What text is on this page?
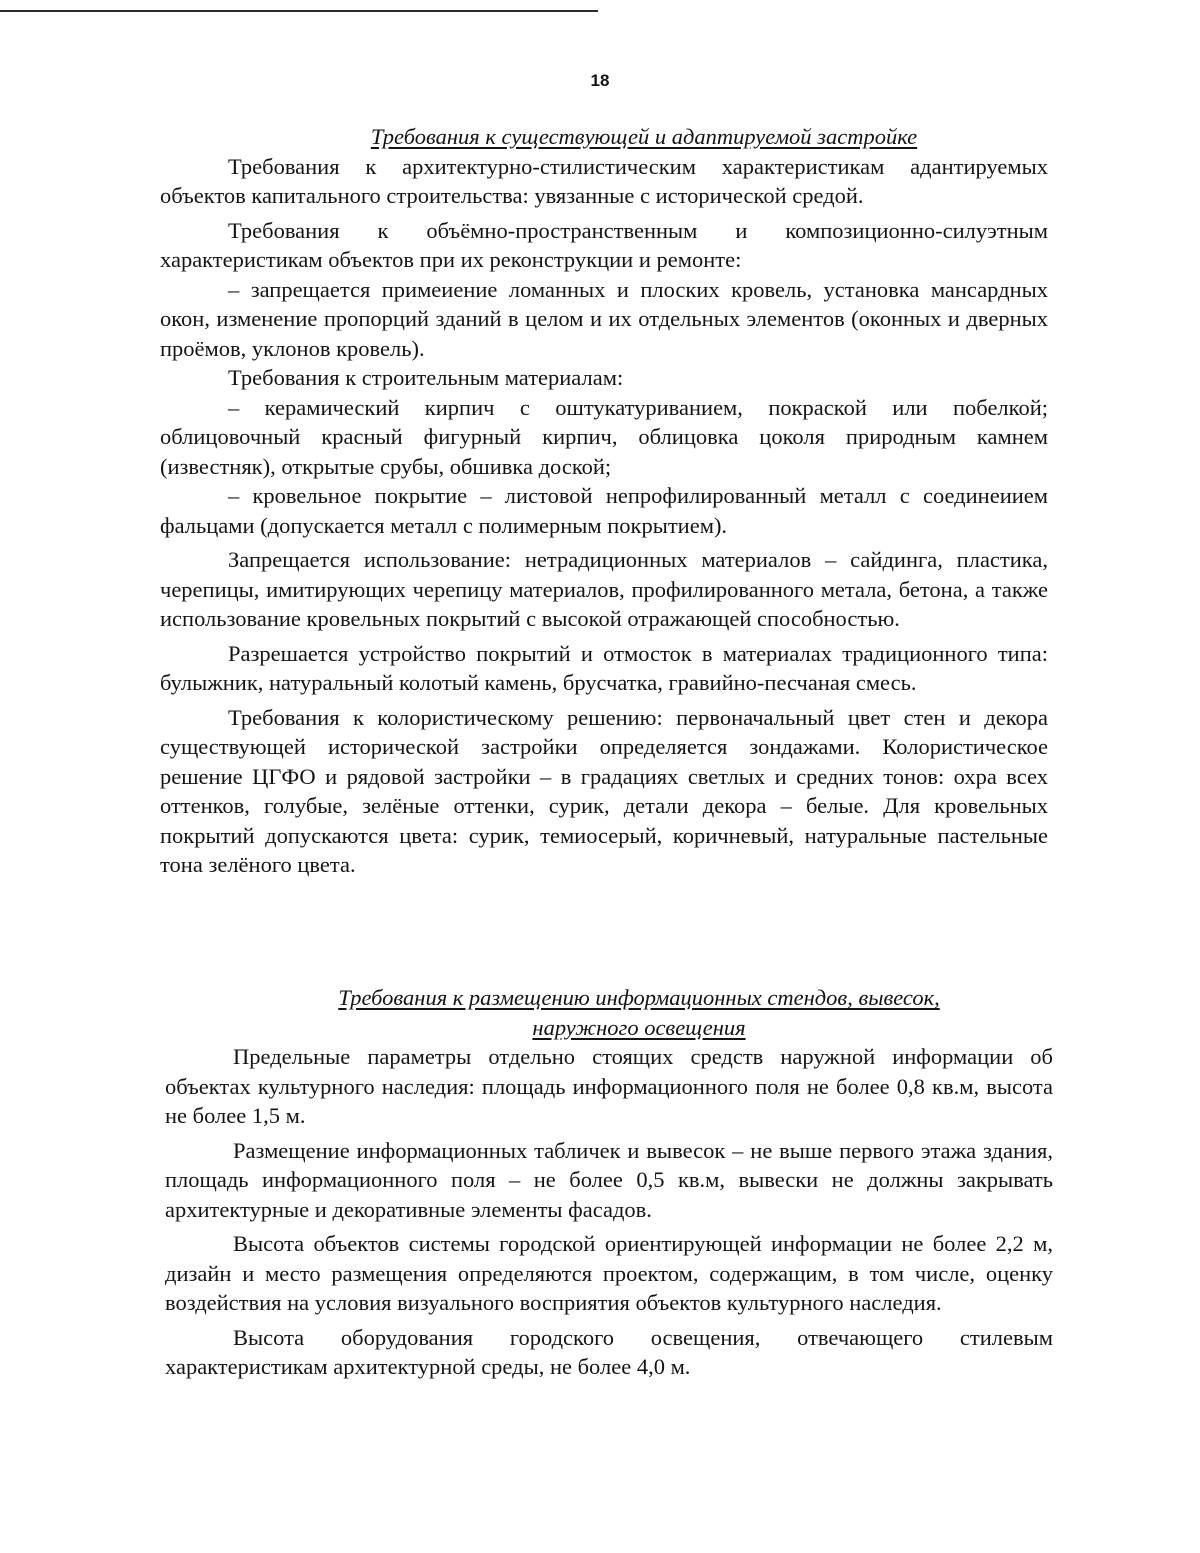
18

Требования к существующей и адаптируемой застройке

Требования к архитектурно-стилистическим характеристикам адантируемых объектов капитального строительства: увязанные с исторической средой.

Требования к объёмно-пространственным и композиционно-силуэтным характеристикам объектов при их реконструкции и ремонте:

– запрещается примеиение ломанных и плоских кровель, установка мансардных окон, изменение пропорций зданий в целом и их отдельных элементов (оконных и дверных проёмов, уклонов кровель).

Требования к строительным материалам:

– керамический кирпич с оштукатуриванием, покраской или побелкой; облицовочный красный фигурный кирпич, облицовка цоколя природным камнем (известняк), открытые срубы, обшивка доской;

– кровельное покрытие – листовой непрофилированный металл с соединеиием фальцами (допускается металл с полимерным покрытием).

Запрещается использование: нетрадиционных материалов – сайдинга, пластика, черепицы, имитирующих черепицу материалов, профилированного метала, бетона, а также использование кровельных покрытий с высокой отражающей способностью.

Разрешается устройство покрытий и отмосток в материалах традиционного типа: булыжник, натуральный колотый камень, брусчатка, гравийно-песчаная смесь.

Требования к колористическому решению: первоначальный цвет стен и декора существующей исторической застройки определяется зондажами. Колористическое решение ЦГФО и рядовой застройки – в градациях светлых и средних тонов: охра всех оттенков, голубые, зелёные оттенки, сурик, детали декора – белые. Для кровельных покрытий допускаются цвета: сурик, темиосерый, коричневый, натуральные пастельные тона зелёного цвета.

Требования к размещению информационных стендов, вывесок,

наружного освещения

Предельные параметры отдельно стоящих средств наружной информации об объектах культурного наследия: площадь информационного поля не более 0,8 кв.м, высота не более 1,5 м.

Размещение информационных табличек и вывесок – не выше первого этажа здания, площадь информационного поля – не более 0,5 кв.м, вывески не должны закрывать архитектурные и декоративные элементы фасадов.

Высота объектов системы городской ориентирующей информации не более 2,2 м, дизайн и место размещения определяются проектом, содержащим, в том числе, оценку воздействия на условия визуального восприятия объектов культурного наследия.

Высота оборудования городского освещения, отвечающего стилевым характеристикам архитектурной среды, не более 4,0 м.
